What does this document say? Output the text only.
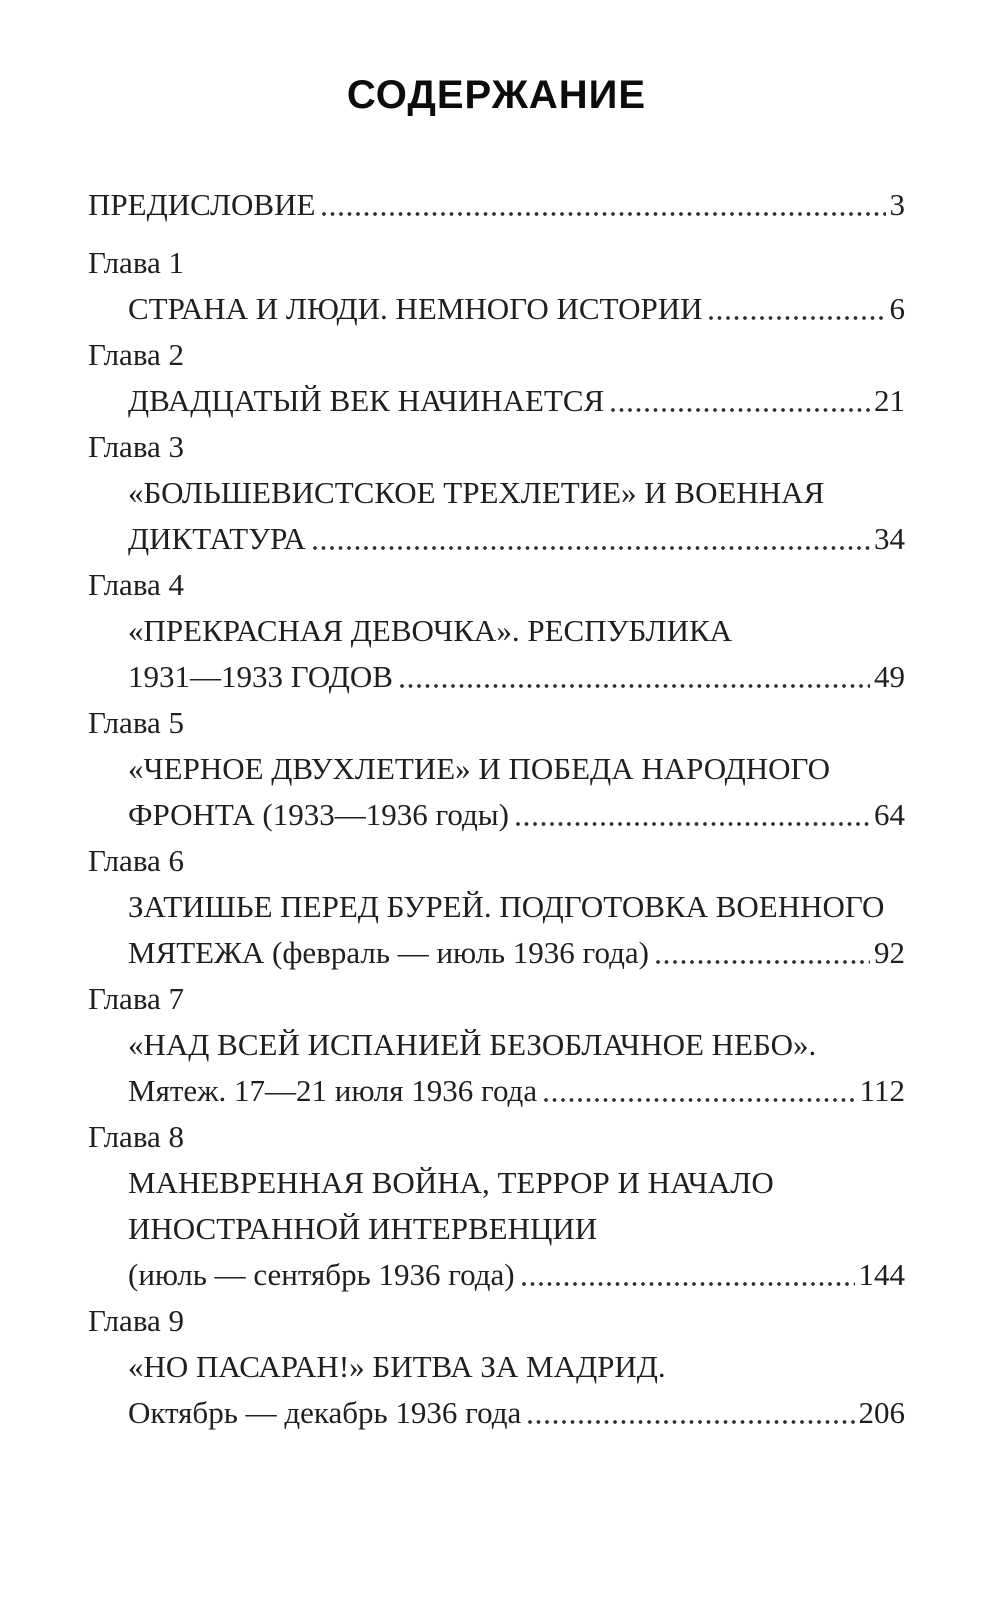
СОДЕРЖАНИЕ
ПРЕДИСЛОВИЕ	3
Глава 1
СТРАНА И ЛЮДИ. НЕМНОГО ИСТОРИИ	6
Глава 2
ДВАДЦАТЫЙ ВЕК НАЧИНАЕТСЯ	21
Глава 3
«БОЛЬШЕВИСТСКОЕ ТРЕХЛЕТИЕ» И ВОЕННАЯ
ДИКТАТУРА	34
Глава 4
«ПРЕКРАСНАЯ ДЕВОЧКА». РЕСПУБЛИКА
1931—1933 ГОДОВ	49
Глава 5
«ЧЕРНОЕ ДВУХЛЕТИЕ» И ПОБЕДА НАРОДНОГО
ФРОНТА (1933—1936 годы)	64
Глава 6
ЗАТИШЬЕ ПЕРЕД БУРЕЙ. ПОДГОТОВКА ВОЕННОГО
МЯТЕЖА (февраль — июль 1936 года)	92
Глава 7
«НАД ВСЕЙ ИСПАНИЕЙ БЕЗОБЛАЧНОЕ НЕБО».
Мятеж. 17—21 июля 1936 года	112
Глава 8
МАНЕВРЕННАЯ ВОЙНА, ТЕРРОР И НАЧАЛО
ИНОСТРАННОЙ ИНТЕРВЕНЦИИ
(июль — сентябрь 1936 года)	144
Глава 9
«НО ПАСАРАН!» БИТВА ЗА МАДРИД.
Октябрь — декабрь 1936 года	206
